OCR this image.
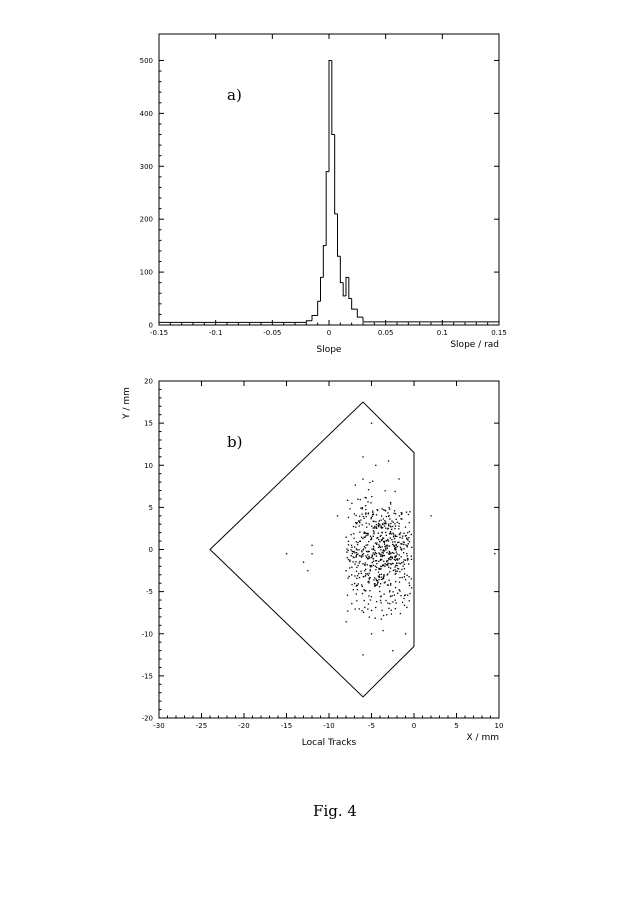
-0.15	-0.1	-0.05	0	0.05	0.1	0.15
0
100
200
300
400
500
a)
Slope	Slope / rad
-30	-25	-20	-15	-10	-5	0	5	10
-20
-15
-10
-5
0
5
10
15
20
b)
Local Tracks	X / mm
Y / mm
Fig. 4
